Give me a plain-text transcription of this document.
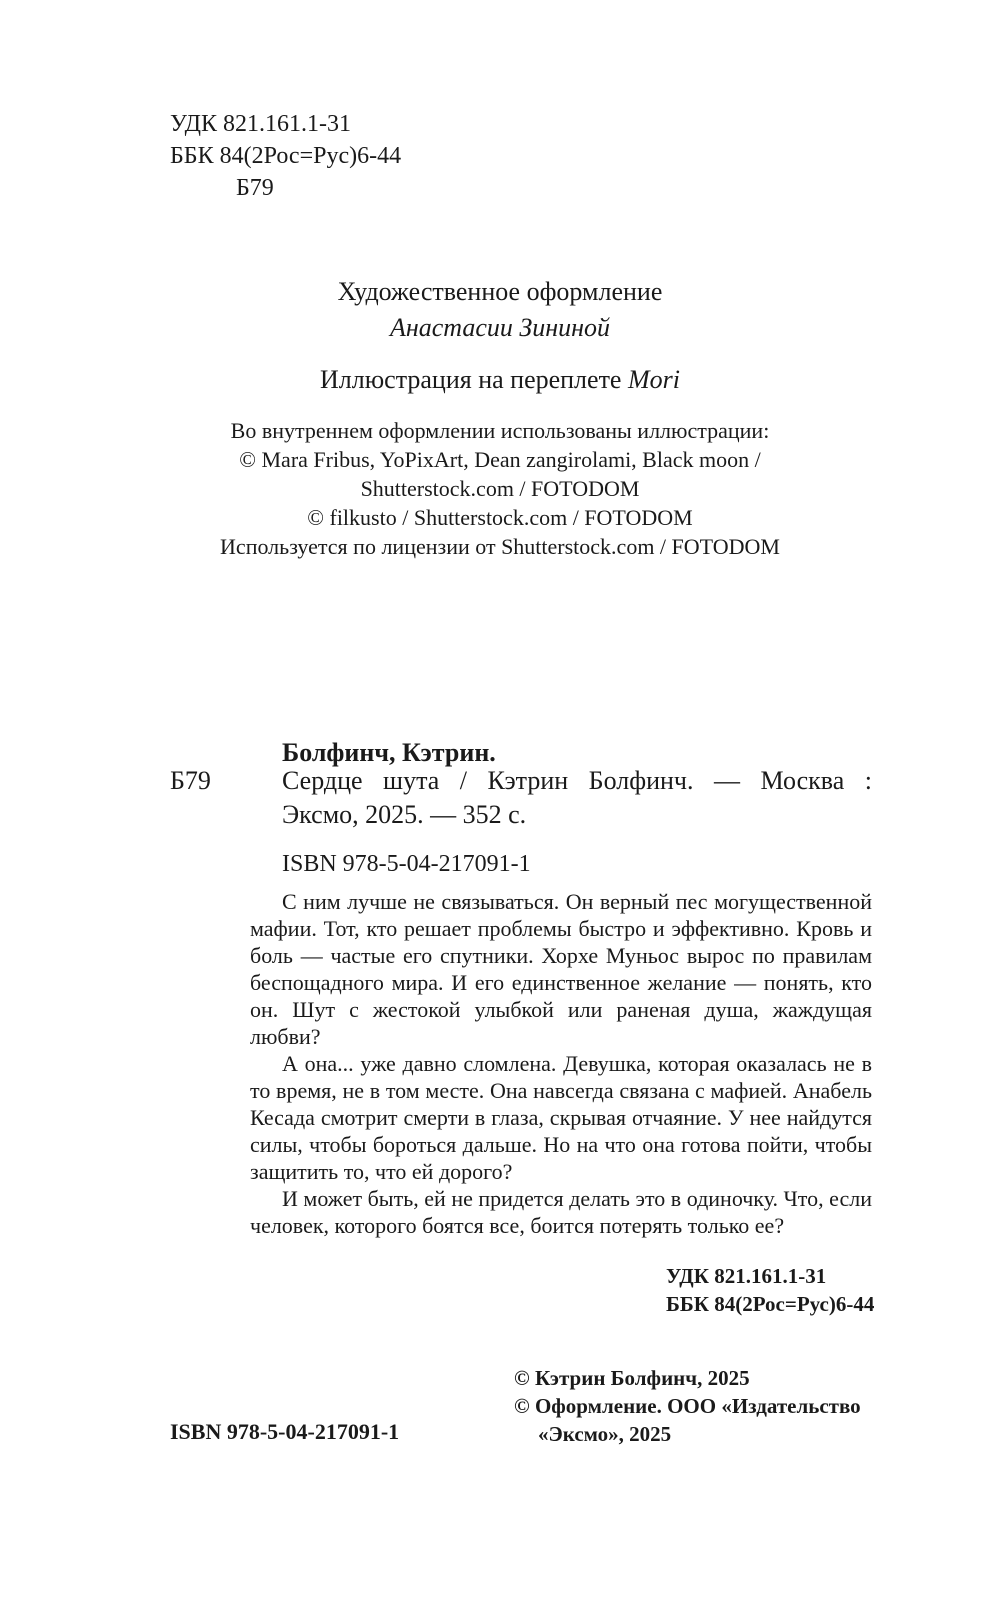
УДК 821.161.1-31
ББК 84(2Рос=Рус)6-44
Б79
Художественное оформление
Анастасии Зининой
Иллюстрация на переплете Mori
Во внутреннем оформлении использованы иллюстрации:
© Mara Fribus, YoPixArt, Dean zangirolami, Black moon /
Shutterstock.com / FOTODOM
© filkusto / Shutterstock.com / FOTODOM
Используется по лицензии от Shutterstock.com / FOTODOM
Болфинч, Кэтрин.
Б79	Сердце шута / Кэтрин Болфинч. — Москва :
Эксмо, 2025. — 352 с.
ISBN 978-5-04-217091-1

С ним лучше не связываться. Он верный пес могущественной мафии. Тот, кто решает проблемы быстро и эффективно. Кровь и боль — частые его спутники. Хорхе Муньос вырос по правилам беспощадного мира. И его единственное желание — понять, кто он. Шут с жестокой улыбкой или раненая душа, жаждущая любви?

А она... уже давно сломлена. Девушка, которая оказалась не в то время, не в том месте. Она навсегда связана с мафией. Анабель Кесада смотрит смерти в глаза, скрывая отчаяние. У нее найдутся силы, чтобы бороться дальше. Но на что она готова пойти, чтобы защитить то, что ей дорого?

И может быть, ей не придется делать это в одиночку. Что, если человек, которого боятся все, боится потерять только ее?

УДК 821.161.1-31
ББК 84(2Рос=Рус)6-44
© Кэтрин Болфинч, 2025
© Оформление. ООО «Издательство «Эксмо», 2025
ISBN 978-5-04-217091-1
